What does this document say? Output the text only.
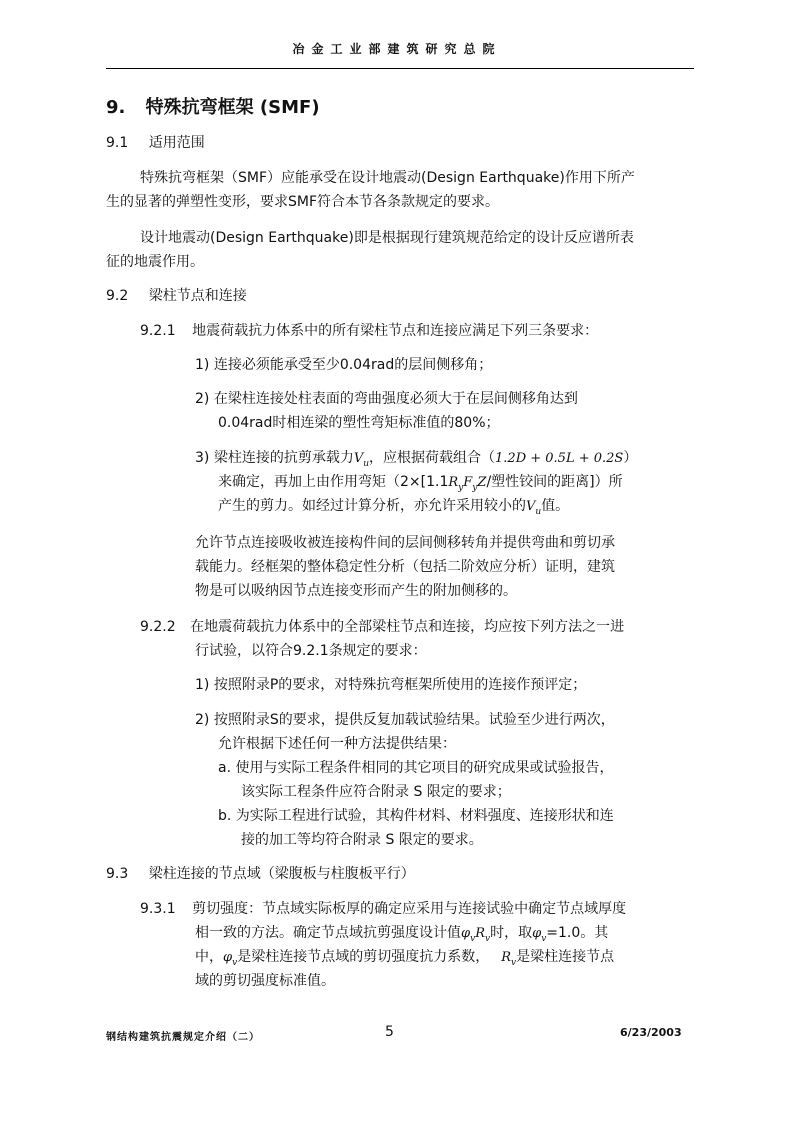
冶金工业部建筑研究总院
9. 特殊抗弯框架 (SMF)
9.1 适用范围
特殊抗弯框架（SMF）应能承受在设计地震动(Design Earthquake)作用下所产
生的显著的弹塑性变形，要求SMF符合本节各条款规定的要求。
设计地震动(Design Earthquake)即是根据现行建筑规范给定的设计反应谱所表
征的地震作用。
9.2 梁柱节点和连接
9.2.1 地震荷载抗力体系中的所有梁柱节点和连接应满足下列三条要求：
1) 连接必须能承受至少0.04rad的层间侧移角；
2) 在梁柱连接处柱表面的弯曲强度必须大于在层间侧移角达到
0.04rad时相连梁的塑性弯矩标准值的80%；
3) 梁柱连接的抗剪承载力$V_u$，应根据荷载组合（1.2D + 0.5L + 0.2S）
来确定，再加上由作用弯矩（$2\times[1.1R_yF_yZ/$塑性铰间的距离]）所
产生的剪力。如经过计算分析，亦允许采用较小的$V_u$值。
允许节点连接吸收被连接构件间的层间侧移转角并提供弯曲和剪切承
载能力。经框架的整体稳定性分析（包括二阶效应分析）证明，建筑
物是可以吸纳因节点连接变形而产生的附加侧移的。
9.2.2 在地震荷载抗力体系中的全部梁柱节点和连接，均应按下列方法之一进
行试验，以符合9.2.1条规定的要求：
1) 按照附录P的要求，对特殊抗弯框架所使用的连接作预评定；
2) 按照附录S的要求，提供反复加载试验结果。试验至少进行两次，
允许根据下述任何一种方法提供结果：
a. 使用与实际工程条件相同的其它项目的研究成果或试验报告，
该实际工程条件应符合附录 S 限定的要求；
b. 为实际工程进行试验，其构件材料、材料强度、连接形状和连
接的加工等均符合附录 S 限定的要求。
9.3 梁柱连接的节点域（梁腹板与柱腹板平行）
9.3.1 剪切强度：节点域实际板厚的确定应采用与连接试验中确定节点域厚度
相一致的方法。确定节点域抗剪强度设计值$\varphi_vR_v$时，取$\varphi_v=1.0$。其
中，$\varphi_v$是梁柱连接节点域的剪切强度抗力系数， $R_v$是梁柱连接节点
域的剪切强度标准值。
钢结构建筑抗震规定介绍（二）	5	6/23/2003
